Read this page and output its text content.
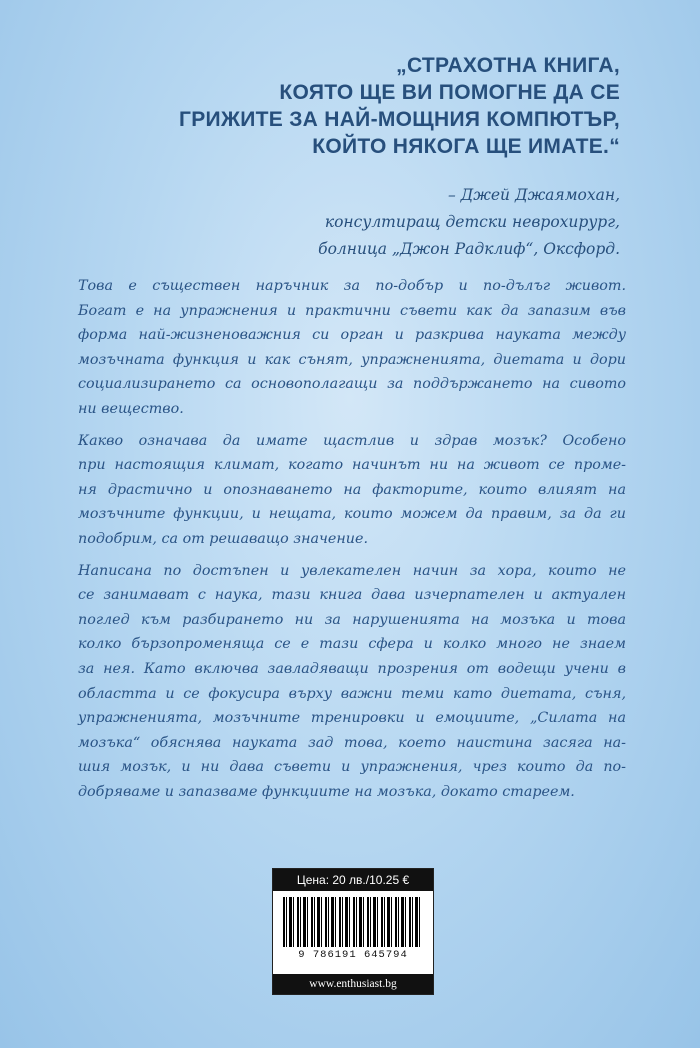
„СТРАХОТНА КНИГА,
КОЯТО ЩЕ ВИ ПОМОГНЕ ДА СЕ
ГРИЖИТЕ ЗА НАЙ-МОЩНИЯ КОМПЮТЪР,
КОЙТО НЯКОГА ЩЕ ИМАТЕ.“
– Джей Джаямохан,
консултиращ детски неврохирург,
болница „Джон Радклиф“, Оксфорд.

Това е съществен наръчник за по-добър и по-дълъг живот.
Богат е на упражнения и практични съвети как да запазим във
форма най-жизненоважния си орган и разкрива науката между
мозъчната функция и как сънят, упражненията, диетата и дори
социализирането са основополагащи за поддържането на сивото
ни вещество.

Какво означава да имате щастлив и здрав мозък? Особено
при настоящия климат, когато начинът ни на живот се проме-
ня драстично и опознаването на факторите, които влияят на
мозъчните функции, и нещата, които можем да правим, за да ги
подобрим, са от решаващо значение.

Написана по достъпен и увлекателен начин за хора, които не
се занимават с наука, тази книга дава изчерпателен и актуален
поглед към разбирането ни за нарушенията на мозъка и това
колко бързопроменяща се е тази сфера и колко много не знаем
за нея. Като включва завладяващи прозрения от водещи учени в
областта и се фокусира върху важни теми като диетата, съня,
упражненията, мозъчните тренировки и емоциите, „Силата на
мозъка“ обяснява науката зад това, което наистина засяга на-
шия мозък, и ни дава съвети и упражнения, чрез които да по-
добряваме и запазваме функциите на мозъка, докато стареем.

Цена: 20 лв./10.25 €
9 786191 645794
www.enthusiast.bg
